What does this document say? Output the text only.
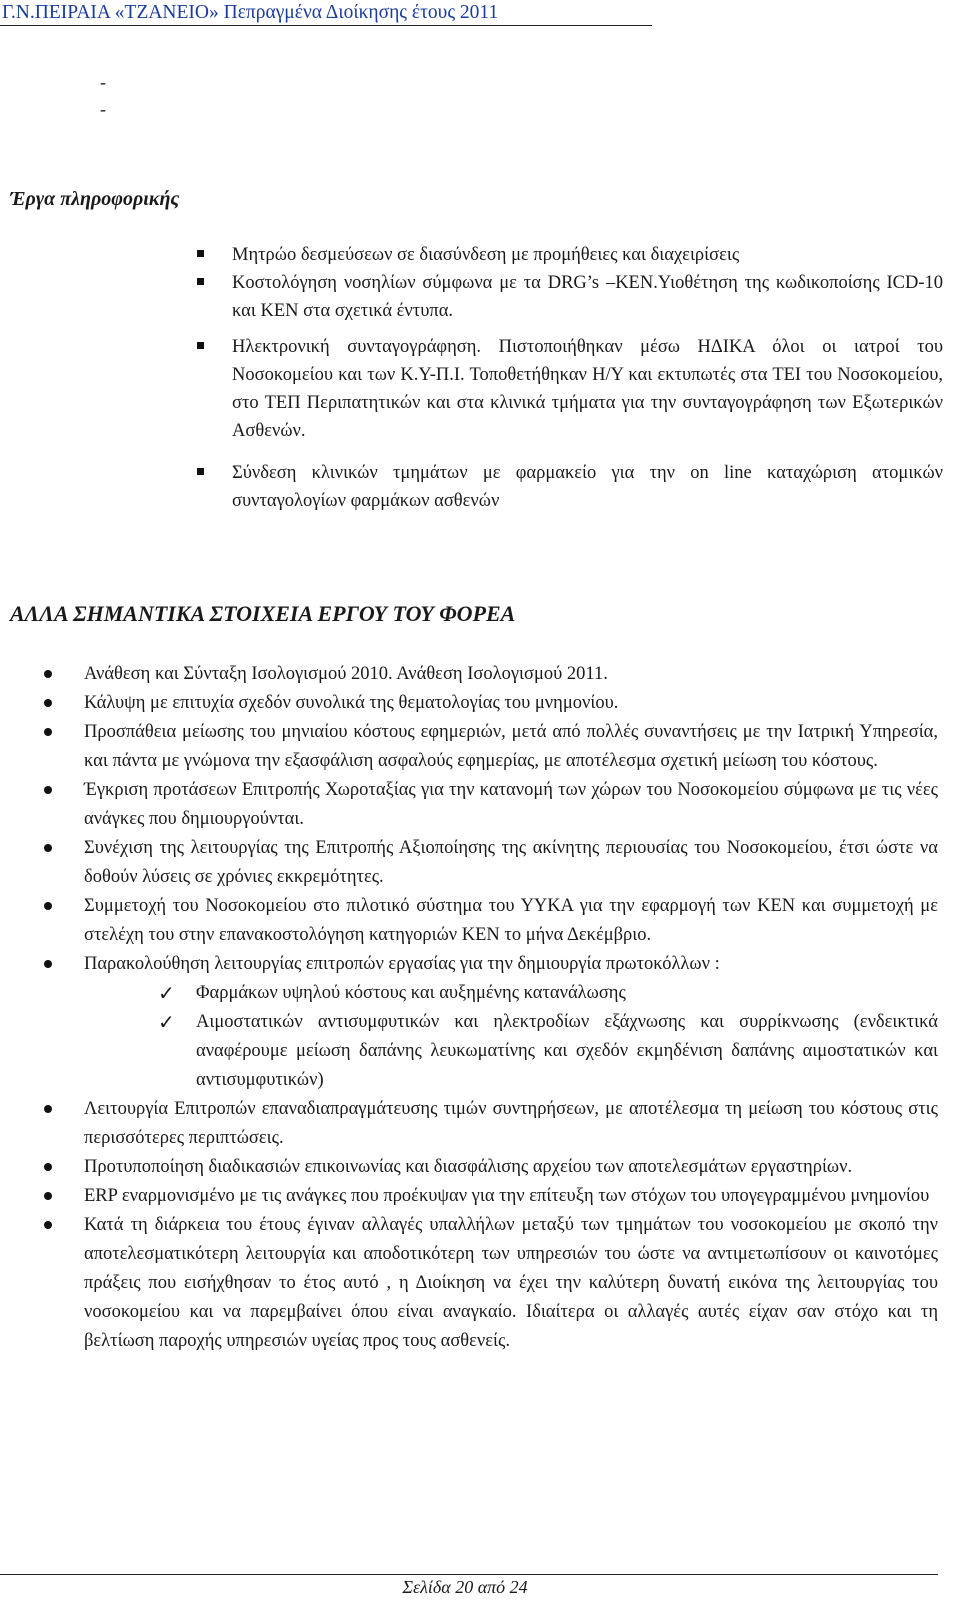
Γ.Ν.ΠΕΙΡΑΙΑ «ΤΖΑΝΕΙΟ» Πεπραγμένα Διοίκησης έτους 2011
-
-
Έργα πληροφορικής
Μητρώο δεσμεύσεων σε διασύνδεση με προμήθειες και διαχειρίσεις
Κοστολόγηση νοσηλίων σύμφωνα με τα DRG’s –ΚΕΝ.Υιοθέτηση της κωδικοποίσης ICD-10 και ΚΕΝ στα σχετικά έντυπα.
Ηλεκτρονική συνταγογράφηση. Πιστοποιήθηκαν μέσω ΗΔΙΚΑ όλοι οι ιατροί του Νοσοκομείου και των Κ.Υ-Π.Ι. Τοποθετήθηκαν Η/Υ και εκτυπωτές στα ΤΕΙ του Νοσοκομείου, στο ΤΕΠ Περιπατητικών και στα κλινικά τμήματα για την συνταγογράφηση των Εξωτερικών Ασθενών.
Σύνδεση κλινικών τμημάτων με φαρμακείο για την on line καταχώριση ατομικών συνταγολογίων φαρμάκων ασθενών
ΑΛΛΑ ΣΗΜΑΝΤΙΚΑ ΣΤΟΙΧΕΙΑ ΕΡΓΟΥ ΤΟΥ ΦΟΡΕΑ
Ανάθεση και Σύνταξη Ισολογισμού 2010. Ανάθεση Ισολογισμού 2011.
Κάλυψη με επιτυχία σχεδόν συνολικά της θεματολογίας του μνημονίου.
Προσπάθεια μείωσης του μηνιαίου κόστους εφημεριών, μετά από πολλές συναντήσεις με την Ιατρική Υπηρεσία, και πάντα με γνώμονα την εξασφάλιση ασφαλούς εφημερίας, με αποτέλεσμα σχετική μείωση του κόστους.
Έγκριση προτάσεων Επιτροπής Χωροταξίας για την κατανομή των χώρων του Νοσοκομείου σύμφωνα με τις νέες ανάγκες που δημιουργούνται.
Συνέχιση της λειτουργίας της Επιτροπής Αξιοποίησης της ακίνητης περιουσίας του Νοσοκομείου, έτσι ώστε να δοθούν λύσεις σε χρόνιες εκκρεμότητες.
Συμμετοχή του Νοσοκομείου στο πιλοτικό σύστημα του ΥΥΚΑ για την εφαρμογή των ΚΕΝ και συμμετοχή με στελέχη του στην επανακοστολόγηση κατηγοριών ΚΕΝ το μήνα Δεκέμβριο.
Παρακολούθηση λειτουργίας επιτροπών εργασίας για την δημιουργία πρωτοκόλλων :
✓ Φαρμάκων υψηλού κόστους και αυξημένης κατανάλωσης
✓ Αιμοστατικών αντισυμφυτικών και ηλεκτροδίων εξάχνωσης και συρρίκνωσης (ενδεικτικά αναφέρουμε μείωση δαπάνης λευκωματίνης και σχεδόν εκμηδένιση δαπάνης αιμοστατικών και αντισυμφυτικών)
Λειτουργία Επιτροπών επαναδιαπραγμάτευσης τιμών συντηρήσεων, με αποτέλεσμα τη μείωση του κόστους στις περισσότερες περιπτώσεις.
Προτυποποίηση διαδικασιών επικοινωνίας και διασφάλισης αρχείου των αποτελεσμάτων εργαστηρίων.
ERP εναρμονισμένο με τις ανάγκες που προέκυψαν για την επίτευξη των στόχων του υπογεγραμμένου μνημονίου
Κατά τη διάρκεια του έτους έγιναν αλλαγές υπαλλήλων μεταξύ των τμημάτων του νοσοκομείου με σκοπό την αποτελεσματικότερη λειτουργία και αποδοτικότερη των υπηρεσιών του ώστε να αντιμετωπίσουν οι καινοτόμες πράξεις που εισήχθησαν το έτος αυτό , η Διοίκηση να έχει την καλύτερη δυνατή εικόνα της λειτουργίας του νοσοκομείου και να παρεμβαίνει όπου είναι αναγκαίο. Ιδιαίτερα οι αλλαγές αυτές είχαν σαν στόχο και τη βελτίωση παροχής υπηρεσιών υγείας προς τους ασθενείς.
Σελίδα 20 από 24
